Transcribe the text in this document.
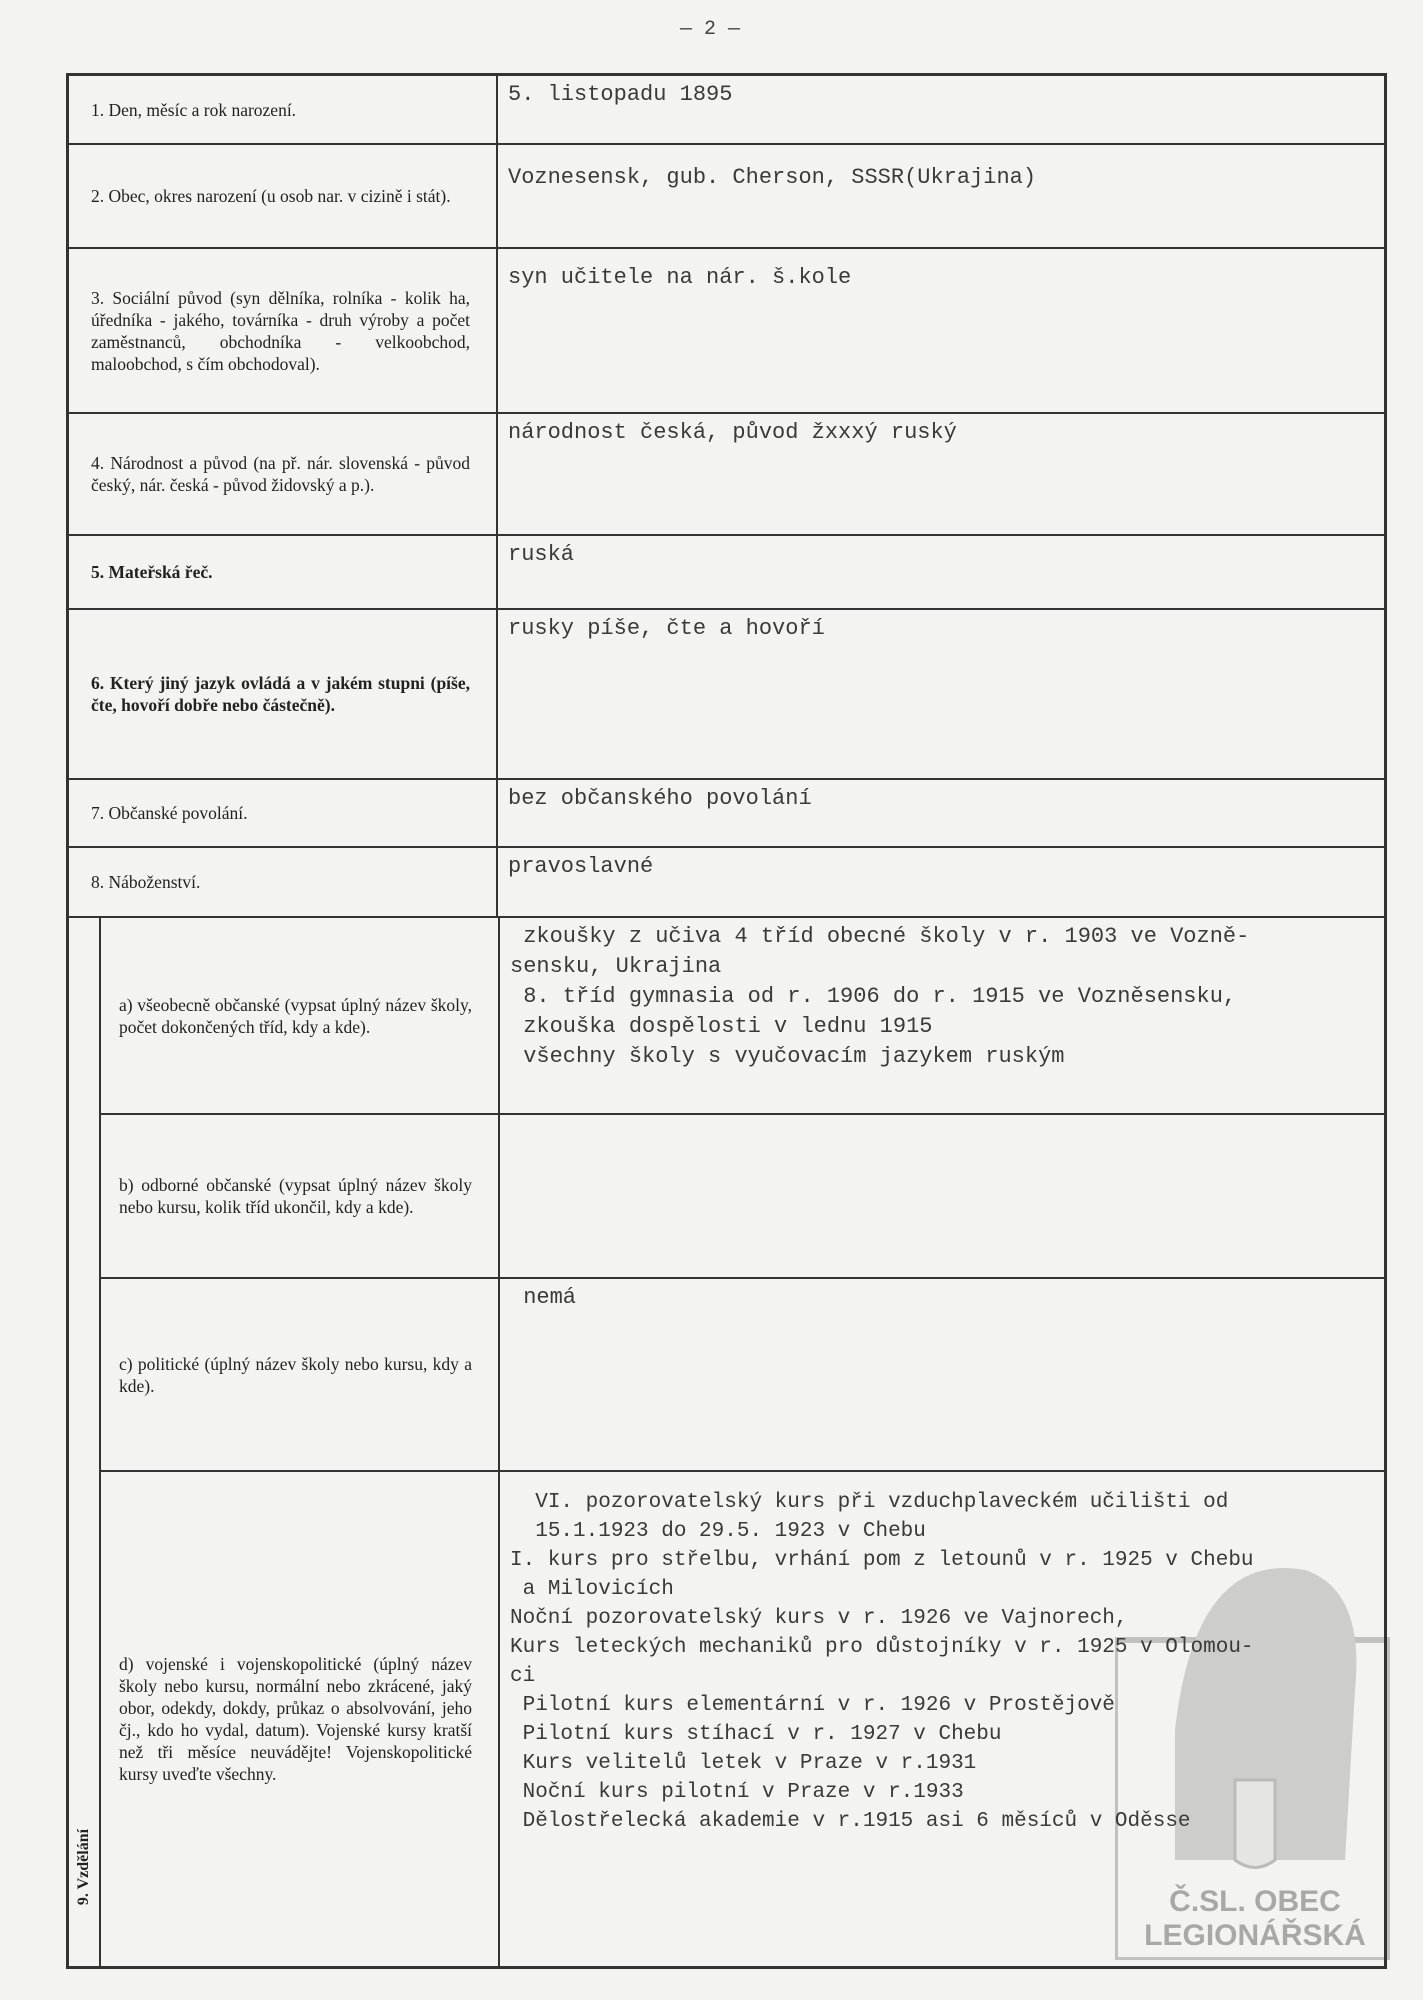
— 2 —
Č.SL. OBEC
LEGIONÁŘSKÁ
1. Den, měsíc a rok narození.
5. listopadu 1895
2. Obec, okres narození (u osob nar. v cizině i stát).
Voznesensk, gub. Cherson, SSSR(Ukrajina)
3. Sociální původ (syn dělníka, rolníka - kolik ha, úředníka - jakého, továrníka - druh výroby a počet zaměstnanců, obchodníka - velkoobchod, maloobchod, s čím obchodoval).
syn učitele na nár. š.kole
4. Národnost a původ (na př. nár. slovenská - původ český, nár. česká - původ židovský a p.).
národnost česká, původ žxxxý ruský
5. Mateřská řeč.
ruská
6. Který jiný jazyk ovládá a v jakém stupni (píše, čte, hovoří dobře nebo částečně).
rusky píše, čte a hovoří
7. Občanské povolání.
bez občanského povolání
8. Náboženství.
pravoslavné
9. Vzdělání
a) všeobecně občanské (vypsat úplný název školy, počet dokončených tříd, kdy a kde).
zkoušky z učiva 4 tříd obecné školy v r. 1903 ve Vozně-
sensku, Ukrajina
8. tříd gymnasia od r. 1906 do r. 1915 ve Vozněsensku,
zkouška dospělosti v lednu 1915
všechny školy s vyučovacím jazykem ruským
b) odborné občanské (vypsat úplný název školy nebo kursu, kolik tříd ukončil, kdy a kde).
c) politické (úplný název školy nebo kursu, kdy a kde).
nemá
d) vojenské i vojenskopolitické (úplný název školy nebo kursu, normální nebo zkrácené, jaký obor, odekdy, dokdy, průkaz o absolvování, jeho čj., kdo ho vydal, datum). Vojenské kursy kratší než tři měsíce neuvádějte! Vojenskopolitické kursy uveďte všechny.
VI. pozorovatelský kurs při vzduchplaveckém učilišti od
15.1.1923 do 29.5. 1923 v Chebu
I. kurs pro střelbu, vrhání pom z letounů v r. 1925 v Chebu
a Milovicích
Noční pozorovatelský kurs v r. 1926 ve Vajnorech,
Kurs leteckých mechaniků pro důstojníky v r. 1925 v Olomou-
ci
Pilotní kurs elementární v r. 1926 v Prostějově
Pilotní kurs stíhací v r. 1927 v Chebu
Kurs velitelů letek v Praze v r.1931
Noční kurs pilotní v Praze v r.1933
Dělostřelecká akademie v r.1915 asi 6 měsíců v Oděsse
